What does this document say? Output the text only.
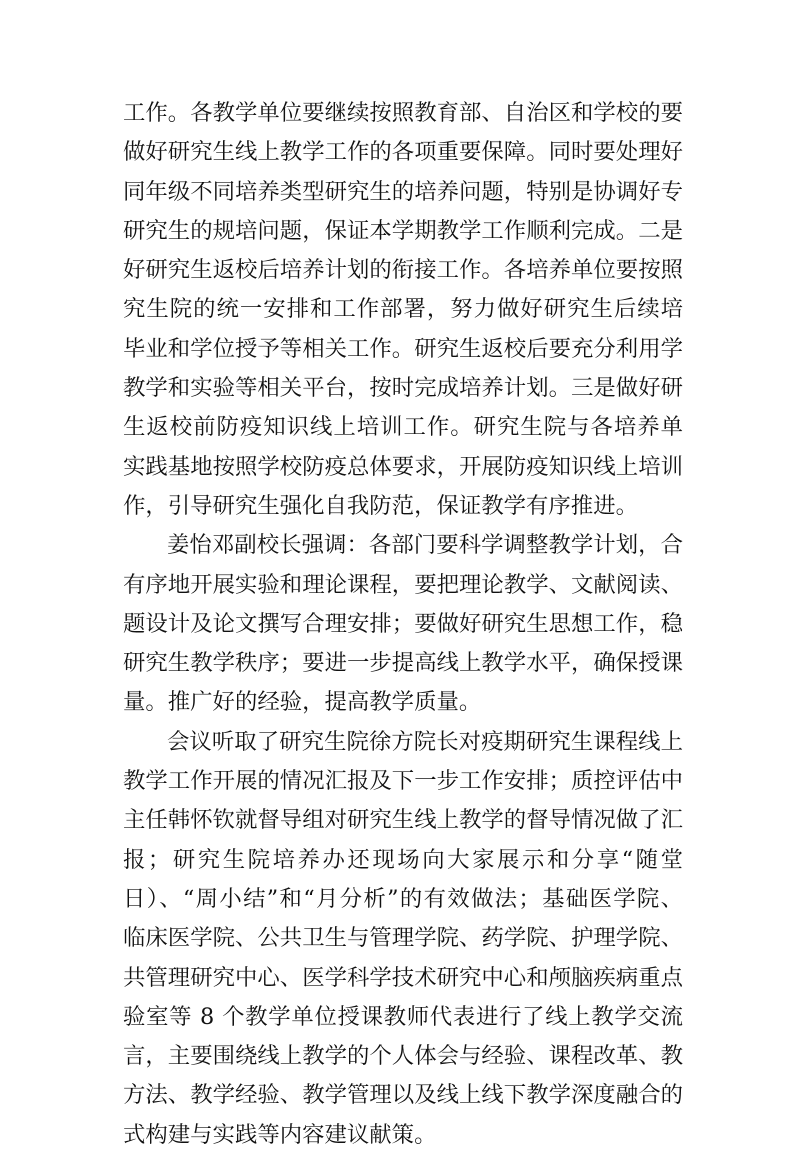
工作。各教学单位要继续按照教育部、自治区和学校的要
做好研究生线上教学工作的各项重要保障。同时要处理好
同年级不同培养类型研究生的培养问题，特别是协调好专
研究生的规培问题，保证本学期教学工作顺利完成。二是
好研究生返校后培养计划的衔接工作。各培养单位要按照
究生院的统一安排和工作部署，努力做好研究生后续培
毕业和学位授予等相关工作。研究生返校后要充分利用学
教学和实验等相关平台，按时完成培养计划。三是做好研
生返校前防疫知识线上培训工作。研究生院与各培养单
实践基地按照学校防疫总体要求，开展防疫知识线上培训
作，引导研究生强化自我防范，保证教学有序推进。
姜怡邓副校长强调：各部门要科学调整教学计划，合
有序地开展实验和理论课程，要把理论教学、文献阅读、
题设计及论文撰写合理安排；要做好研究生思想工作，稳
研究生教学秩序；要进一步提高线上教学水平，确保授课
量。推广好的经验，提高教学质量。
会议听取了研究生院徐方院长对疫期研究生课程线上
教学工作开展的情况汇报及下一步工作安排；质控评估中
主任韩怀钦就督导组对研究生线上教学的督导情况做了汇
报；研究生院培养办还现场向大家展示和分享“随堂
日）、“周小结”和“月分析”的有效做法；基础医学院、
临床医学院、公共卫生与管理学院、药学院、护理学院、
共管理研究中心、医学科学技术研究中心和颅脑疾病重点
验室等 8 个教学单位授课教师代表进行了线上教学交流
言，主要围绕线上教学的个人体会与经验、课程改革、教
方法、教学经验、教学管理以及线上线下教学深度融合的
式构建与实践等内容建议献策。
